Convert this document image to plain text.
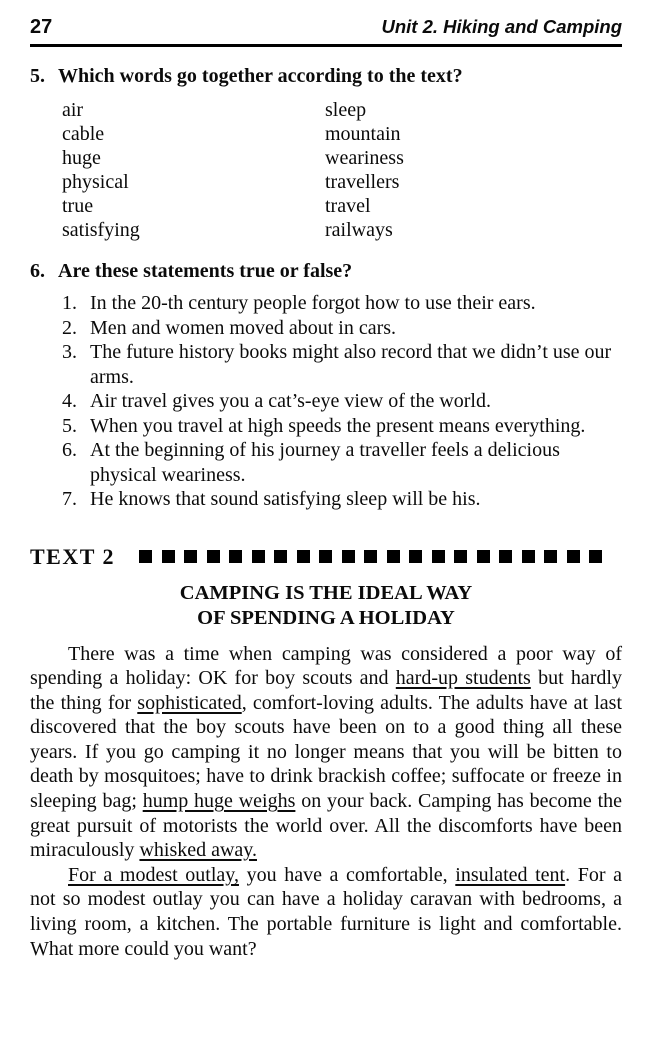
27	Unit 2. Hiking and Camping
5. Which words go together according to the text?
air
cable
huge
physical
true
satisfying
sleep
mountain
weariness
travellers
travel
railways
6. Are these statements true or false?
In the 20-th century people forgot how to use their ears.
Men and women moved about in cars.
The future history books might also record that we didn’t use our arms.
Air travel gives you a cat’s-eye view of the world.
When you travel at high speeds the present means everything.
At the beginning of his journey a traveller feels a delicious physical weariness.
He knows that sound satisfying sleep will be his.
TEXT 2
CAMPING IS THE IDEAL WAY
OF SPENDING A HOLIDAY

There was a time when camping was considered a poor way of spending a holiday: OK for boy scouts and hard-up students but hardly the thing for sophisticated, comfort-loving adults. The adults have at last discovered that the boy scouts have been on to a good thing all these years. If you go camping it no longer means that you will be bitten to death by mosquitoes; have to drink brackish coffee; suffocate or freeze in sleeping bag; hump huge weighs on your back. Camping has become the great pursuit of motorists the world over. All the discomforts have been miraculously whisked away.

For a modest outlay, you have a comfortable, insulated tent. For a not so modest outlay you can have a holiday caravan with bedrooms, a living room, a kitchen. The portable furniture is light and comfortable. What more could you want?
